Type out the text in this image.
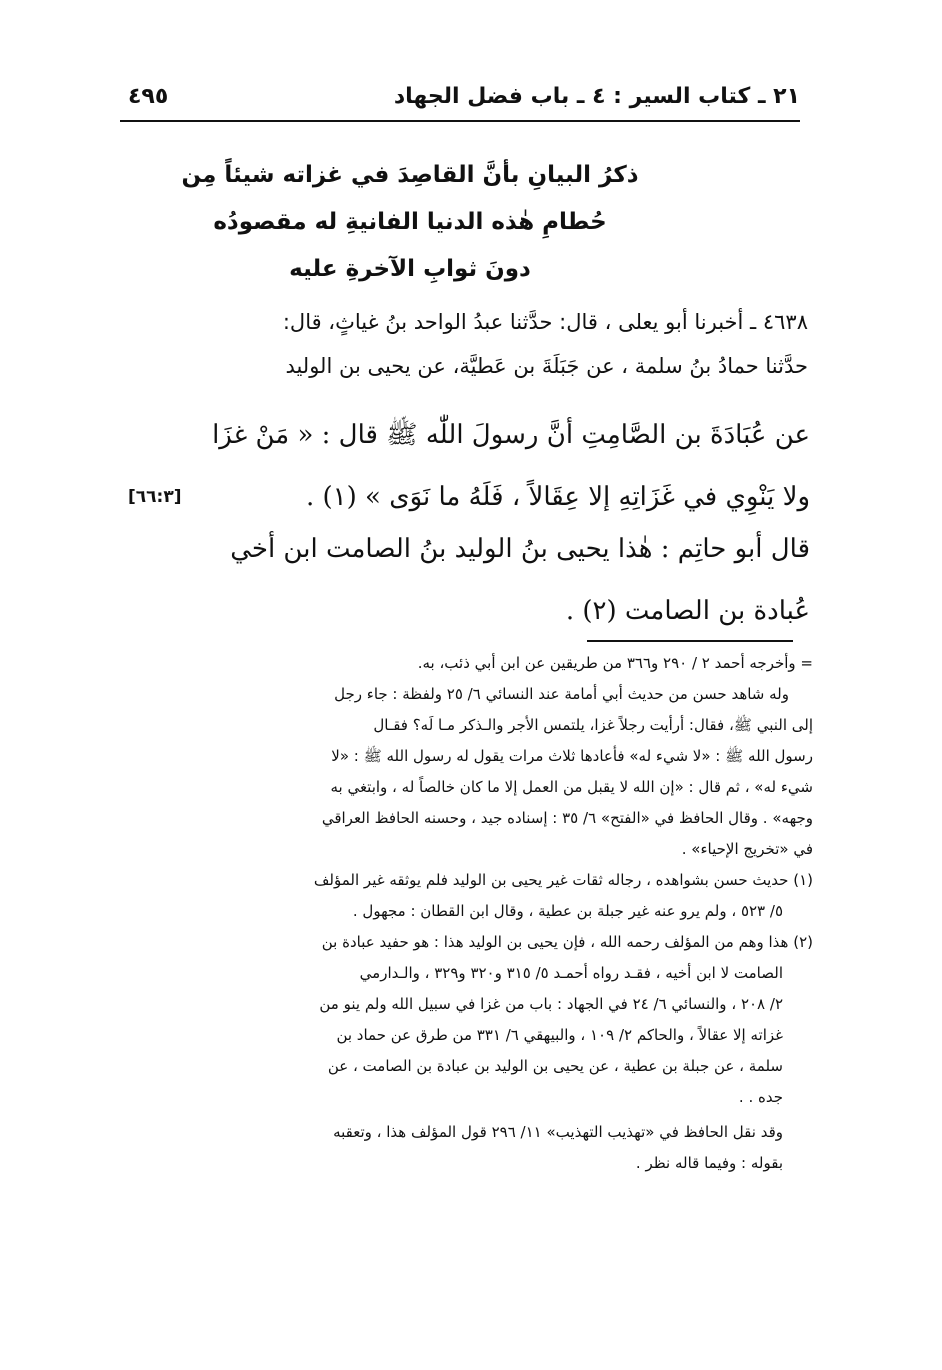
٢١ ـ كتاب السير : ٤ ـ باب فضل الجهاد
٤٩٥
ذكرُ البيانِ بأنَّ القاصِدَ في غزاته شيئاً مِن
حُطامِ هٰذه الدنيا الفانيةِ له مقصودُه
دونَ ثوابِ الآخرةِ عليه
٤٦٣٨ ـ أخبرنا أبو يعلى ، قال: حدَّثنا عبدُ الواحد بنُ غياثٍ، قال:
حدَّثنا حمادُ بنُ سلمة ، عن جَبَلَةَ بن عَطيَّة، عن يحيى بن الوليد
عن عُبَادَةَ بن الصَّامِتِ أنَّ رسولَ اللّٰه ﷺ قال : « مَنْ غزَا
ولا يَنْوِي في غَزَاتِهِ إلا عِقَالاً ، فَلَهُ ما نَوَى » (١) .
[٦٦:٣]
قال أبو حاتِم : هٰذا يحيى بنُ الوليد بنُ الصامت ابن أخي
عُبادة بن الصامت (٢) .
= وأخرجه أحمد ٢ / ٢٩٠ و٣٦٦ من طريقين عن ابن أبي ذئب، به.
وله شاهد حسن من حديث أبي أمامة عند النسائي ٦/ ٢٥ ولفظة : جاء رجل
إلى النبي ﷺ، فقال: أرأيت رجلاً غزا، يلتمس الأجر والـذكر مـا لَه؟ فقـال
رسول الله ﷺ : «لا شيء له» فأعادها ثلاث مرات يقول له رسول الله ﷺ : «لا
شيء له» ، ثم قال : «إن الله لا يقبل من العمل إلا ما كان خالصاً له ، وابتغي به
وجهه» . وقال الحافظ في «الفتح» ٦/ ٣٥ : إسناده جيد ، وحسنه الحافظ العراقي
في «تخريج الإحياء» .
(١) حديث حسن بشواهده ، رجاله ثقات غير يحيى بن الوليد فلم يوثقه غير المؤلف
٥/ ٥٢٣ ، ولم يرو عنه غير جبلة بن عطية ، وقال ابن القطان : مجهول .
(٢) هذا وهم من المؤلف رحمه الله ، فإن يحيى بن الوليد هذا : هو حفيد عبادة بن
الصامت لا ابن أخيه ، فقـد رواه أحمـد ٥/ ٣١٥ و٣٢٠ و٣٢٩ ، والـدارمي
٢/ ٢٠٨ ، والنسائي ٦/ ٢٤ في الجهاد : باب من غزا في سبيل الله ولم ينو من
غزاته إلا عقالاً ، والحاكم ٢/ ١٠٩ ، والبيهقي ٦/ ٣٣١ من طرق عن حماد بن
سلمة ، عن جبلة بن عطية ، عن يحيى بن الوليد بن عبادة بن الصامت ، عن
جده . .
وقد نقل الحافظ في «تهذيب التهذيب» ١١/ ٢٩٦ قول المؤلف هذا ، وتعقبه
بقوله : وفيما قاله نظر .
